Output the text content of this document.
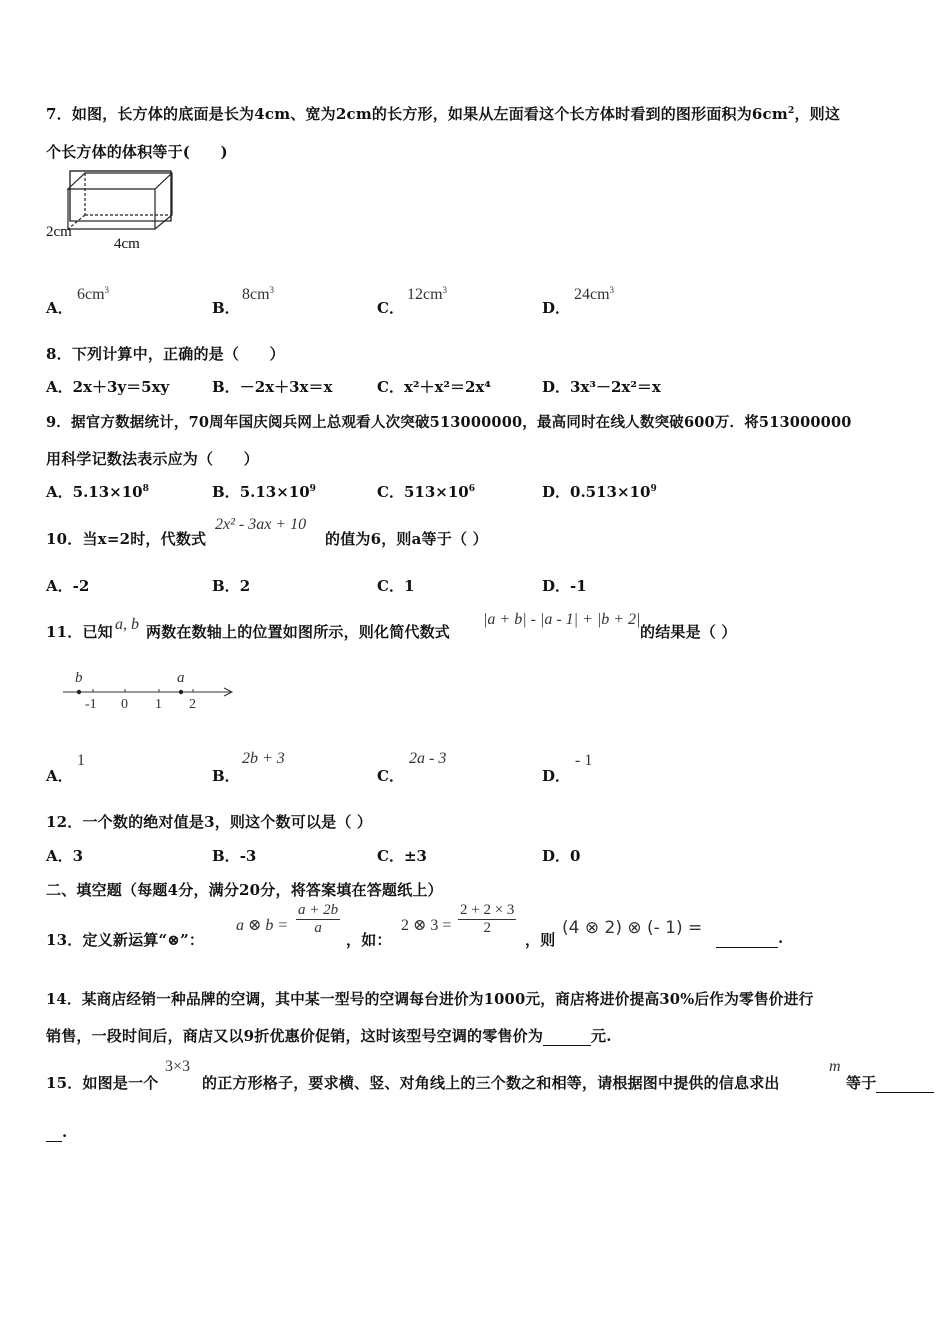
7．如图，长方体的底面是长为4cm、宽为2cm的长方形，如果从左面看这个长方体时看到的图形面积为$6cm^2$，则这
个长方体的体积等于(　　)
2cm
4cm
A．
$6cm^3$
B．
$8cm^3$
C．
$12cm^3$
D．
$24cm^3$
8．下列计算中，正确的是（　　）
A．2x＋3y＝5xy	B．－2x＋3x＝x	C．x²＋x²＝2x⁴	D．3x³－2x²＝x
9．据官方数据统计，70周年国庆阅兵网上总观看人次突破513000000，最高同时在线人数突破600万．将513000000
用科学记数法表示应为（　　）
A．$5.13\times 10^8$	B．$5.13\times 10^9$	C．$513\times 10^6$	D．$0.513\times 10^9$
10．当x=2时，代数式
2x² - 3ax + 10
的值为6，则a等于（ ）
A．-2	B．2	C．1	D．-1
11．已知 a, b 两数在数轴上的位置如图所示，则化简代数式
|a + b| - |a - 1| + |b + 2|
的结果是（ ）
b	a
-1 0 1 2
A．
1
B．
2b + 3
C．
2a - 3
D．
- 1
12．一个数的绝对值是3，则这个数可以是（ ）
A．3	B．-3	C．±3	D．0
二、填空题（每题4分，满分20分，将答案填在答题纸上）
13．定义新运算“⊗”：
a ⊗ $b = \frac{a + 2b}{a}$
，如：
2 ⊗ $3 = \frac{2 + 2 \times 3}{2}$
，则
(4 ⊗ 2) ⊗ (- 1) =	.
14．某商店经销一种品牌的空调，其中某一型号的空调每台进价为1000元，商店将进价提高30%后作为零售价进行
销售，一段时间后，商店又以9折优惠价促销，这时该型号空调的零售价为	元.
15．如图是一个
3×3
的正方形格子，要求横、竖、对角线上的三个数之和相等，请根据图中提供的信息求出
m
等于
.
